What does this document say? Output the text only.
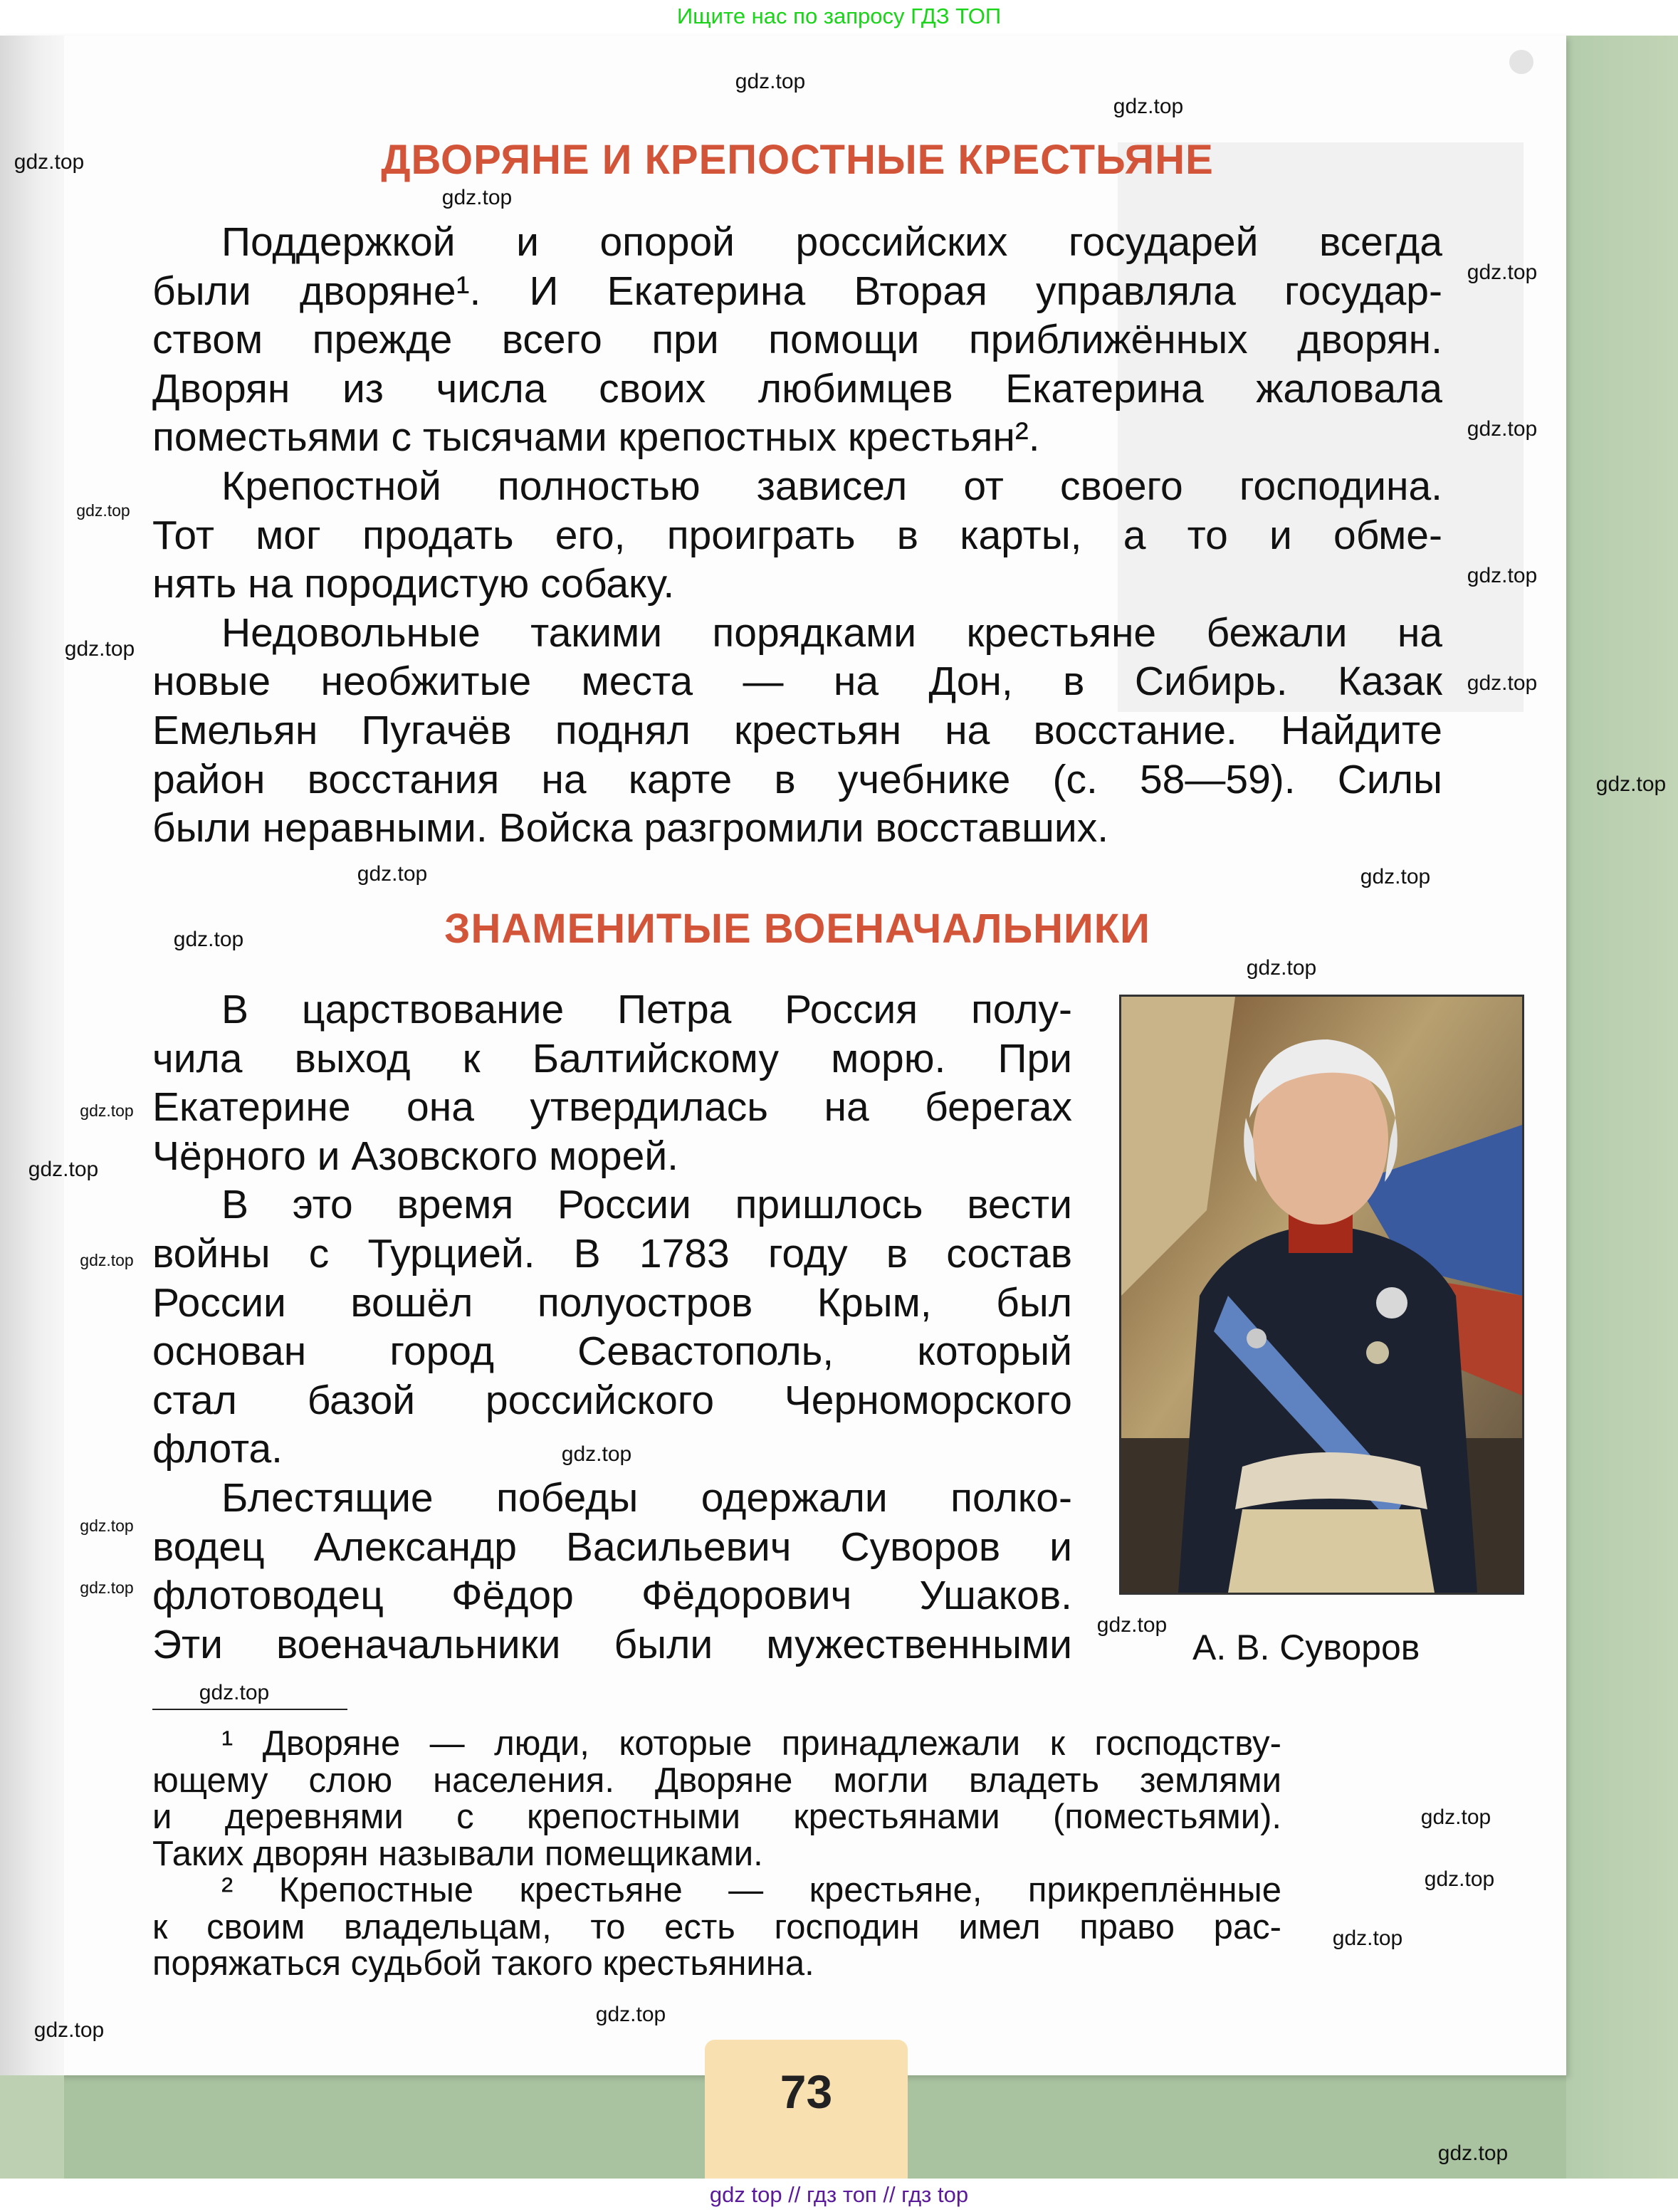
Ищите нас по запросу ГДЗ ТОП
ДВОРЯНЕ И КРЕПОСТНЫЕ КРЕСТЬЯНЕ
Поддержкой и опорой российских государей всегда
были дворяне¹. И Екатерина Вторая управляла государ-
ством прежде всего при помощи приближённых дворян.
Дворян из числа своих любимцев Екатерина жаловала
поместьями с тысячами крепостных крестьян².
Крепостной полностью зависел от своего господина.
Тот мог продать его, проиграть в карты, а то и обме-
нять на породистую собаку.
Недовольные такими порядками крестьяне бежали на
новые необжитые места — на Дон, в Сибирь. Казак
Емельян Пугачёв поднял крестьян на восстание. Найдите
район восстания на карте в учебнике (с. 58—59). Силы
были неравными. Войска разгромили восставших.
ЗНАМЕНИТЫЕ ВОЕНАЧАЛЬНИКИ
В царствование Петра Россия полу-
чила выход к Балтийскому морю. При
Екатерине она утвердилась на берегах
Чёрного и Азовского морей.
В это время России пришлось вести
войны с Турцией. В 1783 году в состав
России вошёл полуостров Крым, был
основан город Севастополь, который
стал базой российского Черноморского
флота.
Блестящие победы одержали полко-
водец Александр Васильевич Суворов и
флотоводец Фёдор Фёдорович Ушаков.
Эти военачальники были мужественными	А. В. Суворов
¹ Дворяне — люди, которые принадлежали к господству-
ющему слою населения. Дворяне могли владеть землями
и деревнями с крепостными крестьянами (поместьями).
Таких дворян называли помещиками.
² Крепостные крестьяне — крестьяне, прикреплённые
к своим владельцам, то есть господин имел право рас-
поряжаться судьбой такого крестьянина.
73
gdz top // гдз топ // гдз top
gdz.top
gdz.top
gdz.top
gdz.top
gdz.top
gdz.top
gdz.top
gdz.top
gdz.top
gdz.top
gdz.top
gdz.top
gdz.top
gdz.top
gdz.top
gdz.top
gdz.top
gdz.top
gdz.top
gdz.top
gdz.top
gdz.top
gdz.top
gdz.top
gdz.top
gdz.top
gdz.top
gdz.top
gdz.top
